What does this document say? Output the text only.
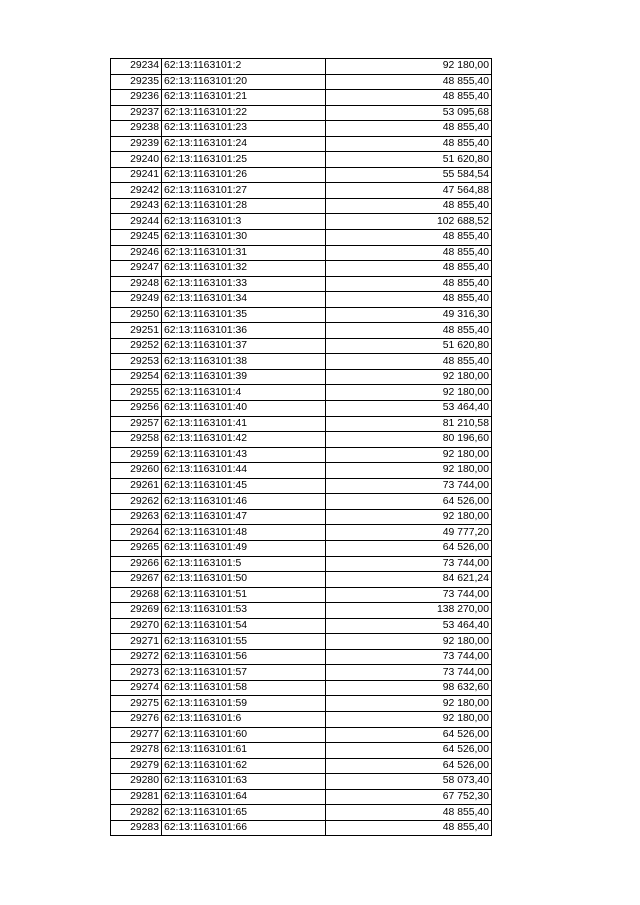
29234	62:13:1163101:2	92 180,00
29235	62:13:1163101:20	48 855,40
29236	62:13:1163101:21	48 855,40
29237	62:13:1163101:22	53 095,68
29238	62:13:1163101:23	48 855,40
29239	62:13:1163101:24	48 855,40
29240	62:13:1163101:25	51 620,80
29241	62:13:1163101:26	55 584,54
29242	62:13:1163101:27	47 564,88
29243	62:13:1163101:28	48 855,40
29244	62:13:1163101:3	102 688,52
29245	62:13:1163101:30	48 855,40
29246	62:13:1163101:31	48 855,40
29247	62:13:1163101:32	48 855,40
29248	62:13:1163101:33	48 855,40
29249	62:13:1163101:34	48 855,40
29250	62:13:1163101:35	49 316,30
29251	62:13:1163101:36	48 855,40
29252	62:13:1163101:37	51 620,80
29253	62:13:1163101:38	48 855,40
29254	62:13:1163101:39	92 180,00
29255	62:13:1163101:4	92 180,00
29256	62:13:1163101:40	53 464,40
29257	62:13:1163101:41	81 210,58
29258	62:13:1163101:42	80 196,60
29259	62:13:1163101:43	92 180,00
29260	62:13:1163101:44	92 180,00
29261	62:13:1163101:45	73 744,00
29262	62:13:1163101:46	64 526,00
29263	62:13:1163101:47	92 180,00
29264	62:13:1163101:48	49 777,20
29265	62:13:1163101:49	64 526,00
29266	62:13:1163101:5	73 744,00
29267	62:13:1163101:50	84 621,24
29268	62:13:1163101:51	73 744,00
29269	62:13:1163101:53	138 270,00
29270	62:13:1163101:54	53 464,40
29271	62:13:1163101:55	92 180,00
29272	62:13:1163101:56	73 744,00
29273	62:13:1163101:57	73 744,00
29274	62:13:1163101:58	98 632,60
29275	62:13:1163101:59	92 180,00
29276	62:13:1163101:6	92 180,00
29277	62:13:1163101:60	64 526,00
29278	62:13:1163101:61	64 526,00
29279	62:13:1163101:62	64 526,00
29280	62:13:1163101:63	58 073,40
29281	62:13:1163101:64	67 752,30
29282	62:13:1163101:65	48 855,40
29283	62:13:1163101:66	48 855,40
